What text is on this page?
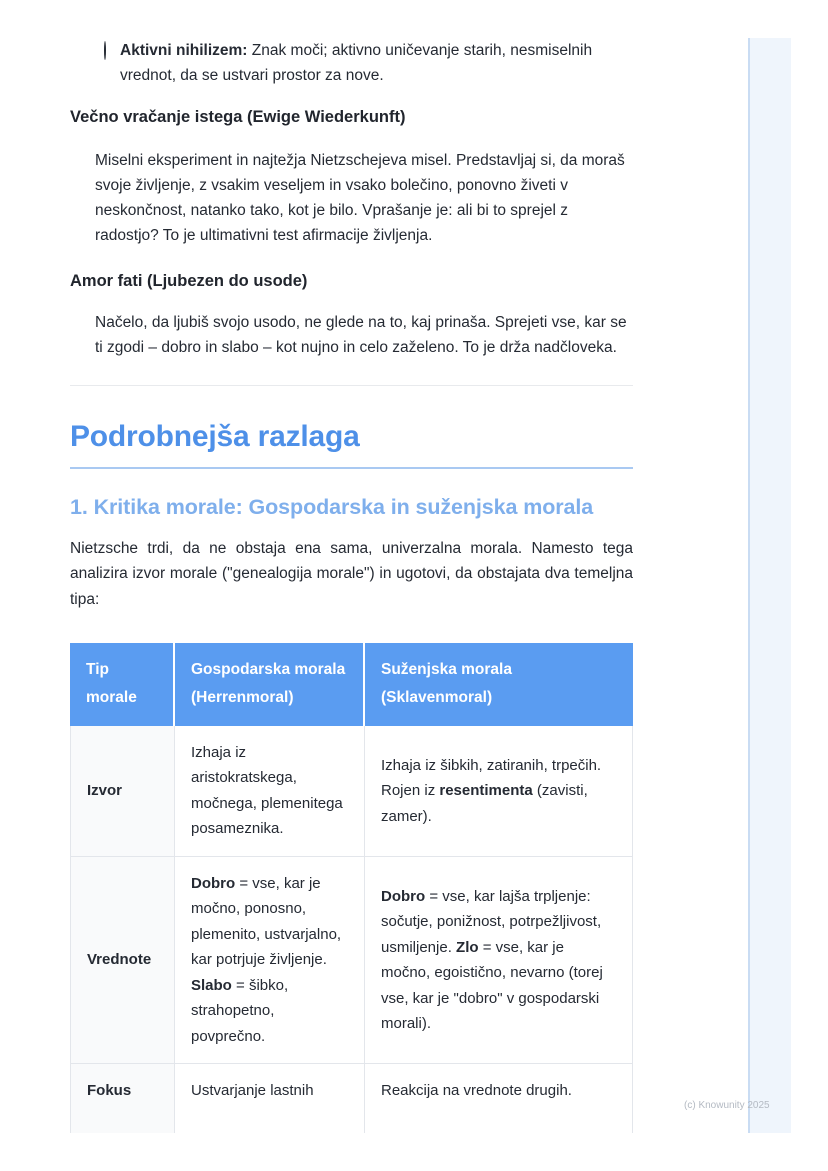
Aktivni nihilizem: Znak moči; aktivno uničevanje starih, nesmiselnih vrednot, da se ustvari prostor za nove.

Večno vračanje istega (Ewige Wiederkunft)

Miselni eksperiment in najtežja Nietzschejeva misel. Predstavljaj si, da moraš svoje življenje, z vsakim veseljem in vsako bolečino, ponovno živeti v neskončnost, natanko tako, kot je bilo. Vprašanje je: ali bi to sprejel z radostjo? To je ultimativni test afirmacije življenja.

Amor fati (Ljubezen do usode)

Načelo, da ljubiš svojo usodo, ne glede na to, kaj prinaša. Sprejeti vse, kar se ti zgodi – dobro in slabo – kot nujno in celo zaželeno. To je drža nadčloveka.

Podrobnejša razlaga
1. Kritika morale: Gospodarska in suženjska morala

Nietzsche trdi, da ne obstaja ena sama, univerzalna morala. Namesto tega analizira izvor morale ("genealogija morale") in ugotovi, da obstajata dva temeljna tipa:

Tip morale	Gospodarska morala (Herrenmoral)	Suženjska morala (Sklavenmoral)
Izvor	Izhaja iz aristokratskega, močnega, plemenitega posameznika.	Izhaja iz šibkih, zatiranih, trpečih. Rojen iz resentimenta (zavisti, zamer).
Vrednote	Dobro = vse, kar je močno, ponosno, plemenito, ustvarjalno, kar potrjuje življenje. Slabo = šibko, strahopetno, povprečno.	Dobro = vse, kar lajša trpljenje: sočutje, ponižnost, potrpežljivost, usmiljenje. Zlo = vse, kar je močno, egoistično, nevarno (torej vse, kar je "dobro" v gospodarski morali).
Fokus	Ustvarjanje lastnih	Reakcija na vrednote drugih.
(c) Knowunity 2025
